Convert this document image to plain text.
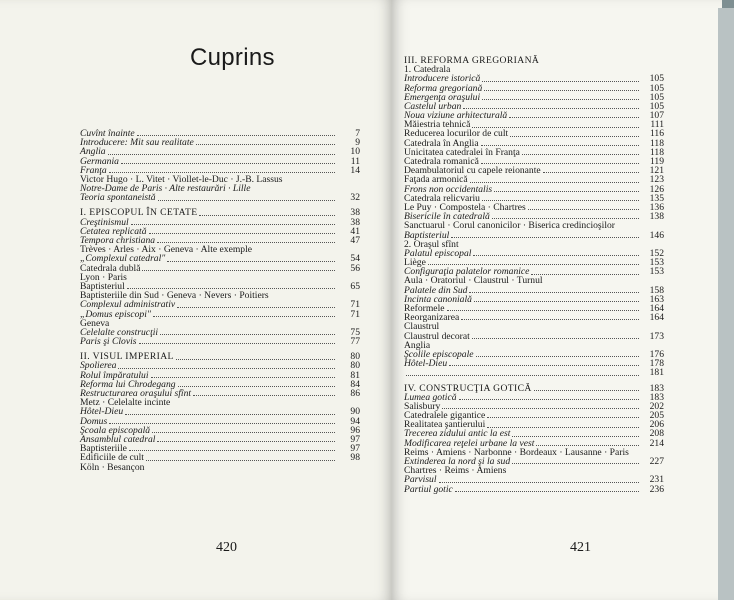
Cuprins
Cuvînt înainte	7
Introducere: Mit sau realitate	9
Anglia	10
Germania	11
Franţa	14
Victor Hugo · L. Vitet · Viollet-le-Duc · J.-B. Lassus
Notre-Dame de Paris · Alte restaurări · Lille
Teoria spontaneistă	32
I. EPISCOPUL ÎN CETATE	38
Creştinismul	38
Cetatea replicată	41
Tempora christiana	47
Trèves · Arles · Aix · Geneva · Alte exemple
„Complexul catedral"	54
Catedrala dublă	56
Lyon · Paris
Baptisteriul	65
Baptisteriile din Sud · Geneva · Nevers · Poitiers
Complexul administrativ	71
„Domus episcopi"	71
Geneva
Celelalte construcţii	75
Paris şi Clovis	77
II. VISUL IMPERIAL	80
Spolierea	80
Rolul împăratului	81
Reforma lui Chrodegang	84
Restructurarea oraşului sfînt	86
Metz · Celelalte incinte
Hôtel-Dieu	90
Domus	94
Şcoala episcopală	96
Ansamblul catedral	97
Baptisteriile	97
Edificiile de cult	98
Köln · Besançon
420
III. REFORMA GREGORIANĂ
1. Catedrala
Introducere istorică	105
Reforma gregoriană	105
Emergenţa oraşului	105
Castelul urban	105
Noua viziune arhitecturală	107
Măiestria tehnică	111
Reducerea locurilor de cult	116
Catedrala în Anglia	118
Unicitatea catedralei în Franţa	118
Catedrala romanică	119
Deambulatoriul cu capele reionante	121
Faţada armonică	123
Frons non occidentalis	126
Catedrala relicvariu	135
Le Puy · Compostela · Chartres	136
Bisericile în catedrală	138
Sanctuarul · Corul canonicilor · Biserica credincioşilor
Baptisteriul	146
2. Oraşul sfînt
Palatul episcopal	152
Liège	153
Configuraţia palatelor romanice	153
Aula · Oratoriul · Claustrul · Turnul
Palatele din Sud	158
Incinta canonială	163
Reformele	164
Reorganizarea	164
Claustrul
Claustrul decorat	173
Anglia
Şcolile episcopale	176
Hôtel-Dieu	178
181
IV. CONSTRUCŢIA GOTICĂ	183
Lumea gotică	183
Salisbury	202
Catedralele gigantice	205
Realitatea şantierului	206
Trecerea zidului antic la est	208
Modificarea reţelei urbane la vest	214
Reims · Amiens · Narbonne · Bordeaux · Lausanne · Paris
Extinderea la nord şi la sud	227
Chartres · Reims · Amiens
Parvisul	231
Partiul gotic	236
421
